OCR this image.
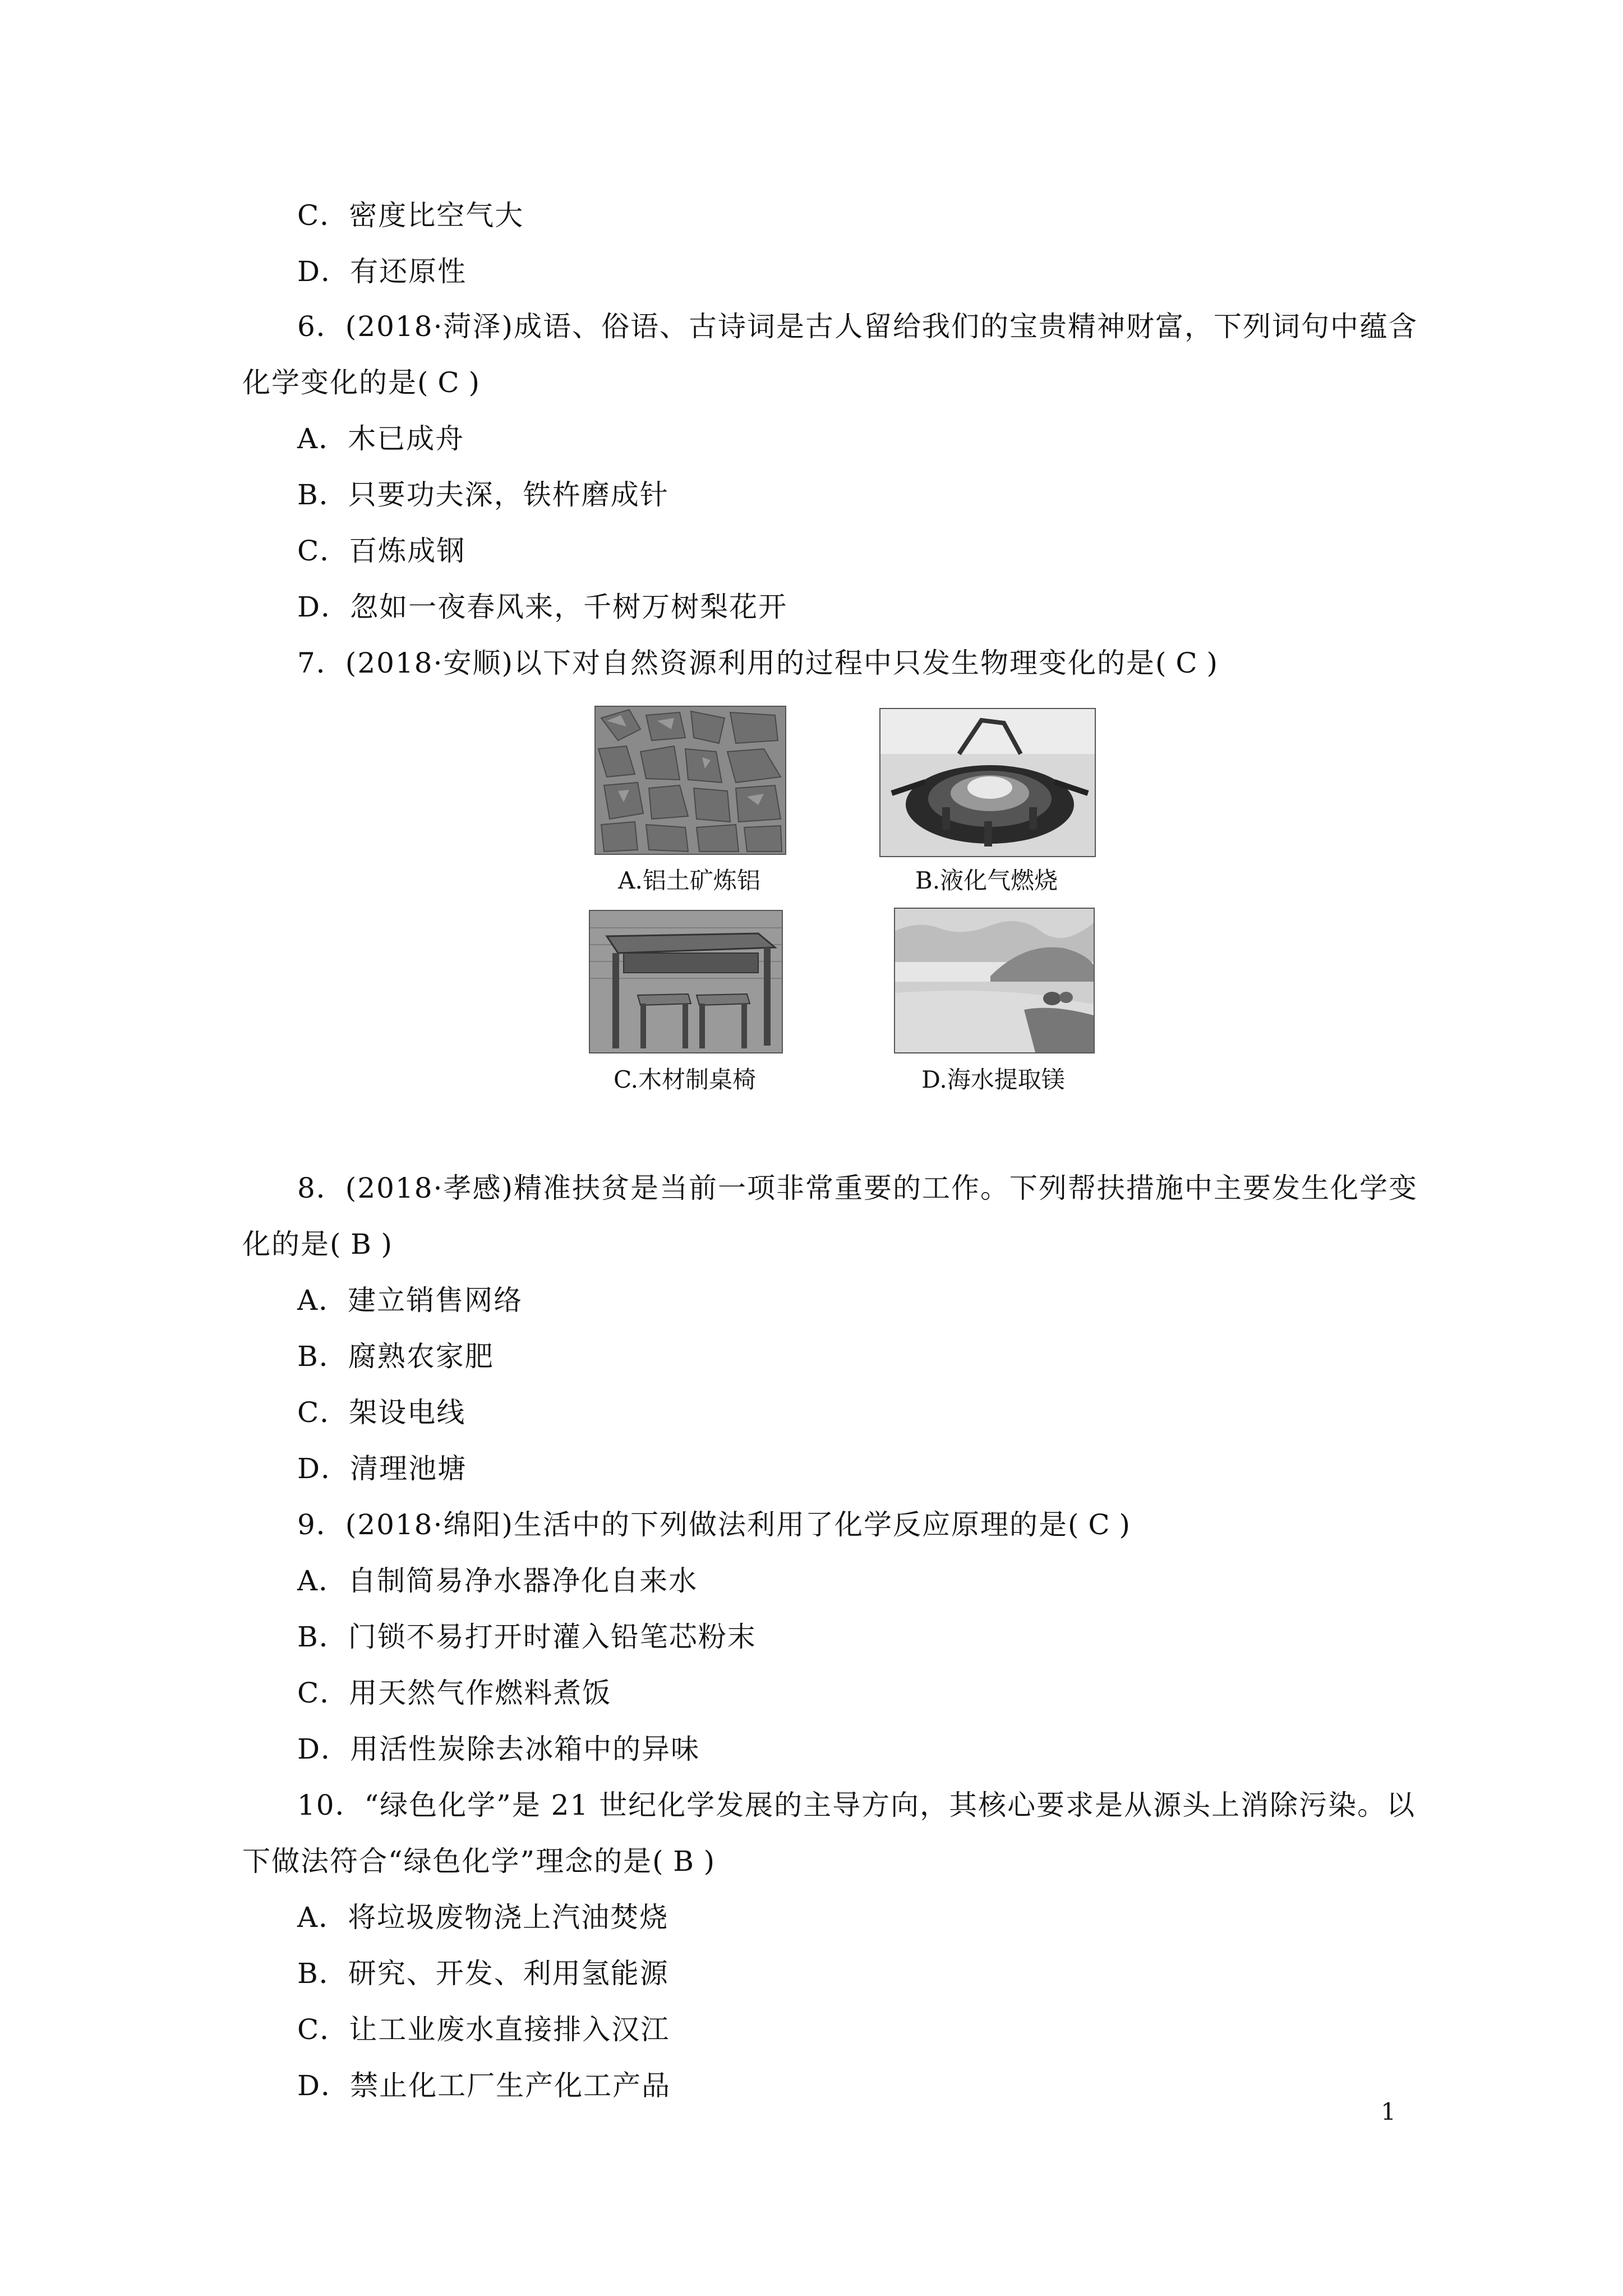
C．密度比空气大
D．有还原性
6．(2018·菏泽)成语、俗语、古诗词是古人留给我们的宝贵精神财富，下列词句中蕴含
化学变化的是( C )
A．木已成舟
B．只要功夫深，铁杵磨成针
C．百炼成钢
D．忽如一夜春风来，千树万树梨花开
7．(2018·安顺)以下对自然资源利用的过程中只发生物理变化的是( C )
A.铝土矿炼铝	B.液化气燃烧
C.木材制桌椅	D.海水提取镁
8．(2018·孝感)精准扶贫是当前一项非常重要的工作。下列帮扶措施中主要发生化学变
化的是( B )
A．建立销售网络
B．腐熟农家肥
C．架设电线
D．清理池塘
9．(2018·绵阳)生活中的下列做法利用了化学反应原理的是( C )
A．自制简易净水器净化自来水
B．门锁不易打开时灌入铅笔芯粉末
C．用天然气作燃料煮饭
D．用活性炭除去冰箱中的异味
10．“绿色化学”是 21 世纪化学发展的主导方向，其核心要求是从源头上消除污染。以
下做法符合“绿色化学”理念的是( B )
A．将垃圾废物浇上汽油焚烧
B．研究、开发、利用氢能源
C．让工业废水直接排入汉江
D．禁止化工厂生产化工产品
1
